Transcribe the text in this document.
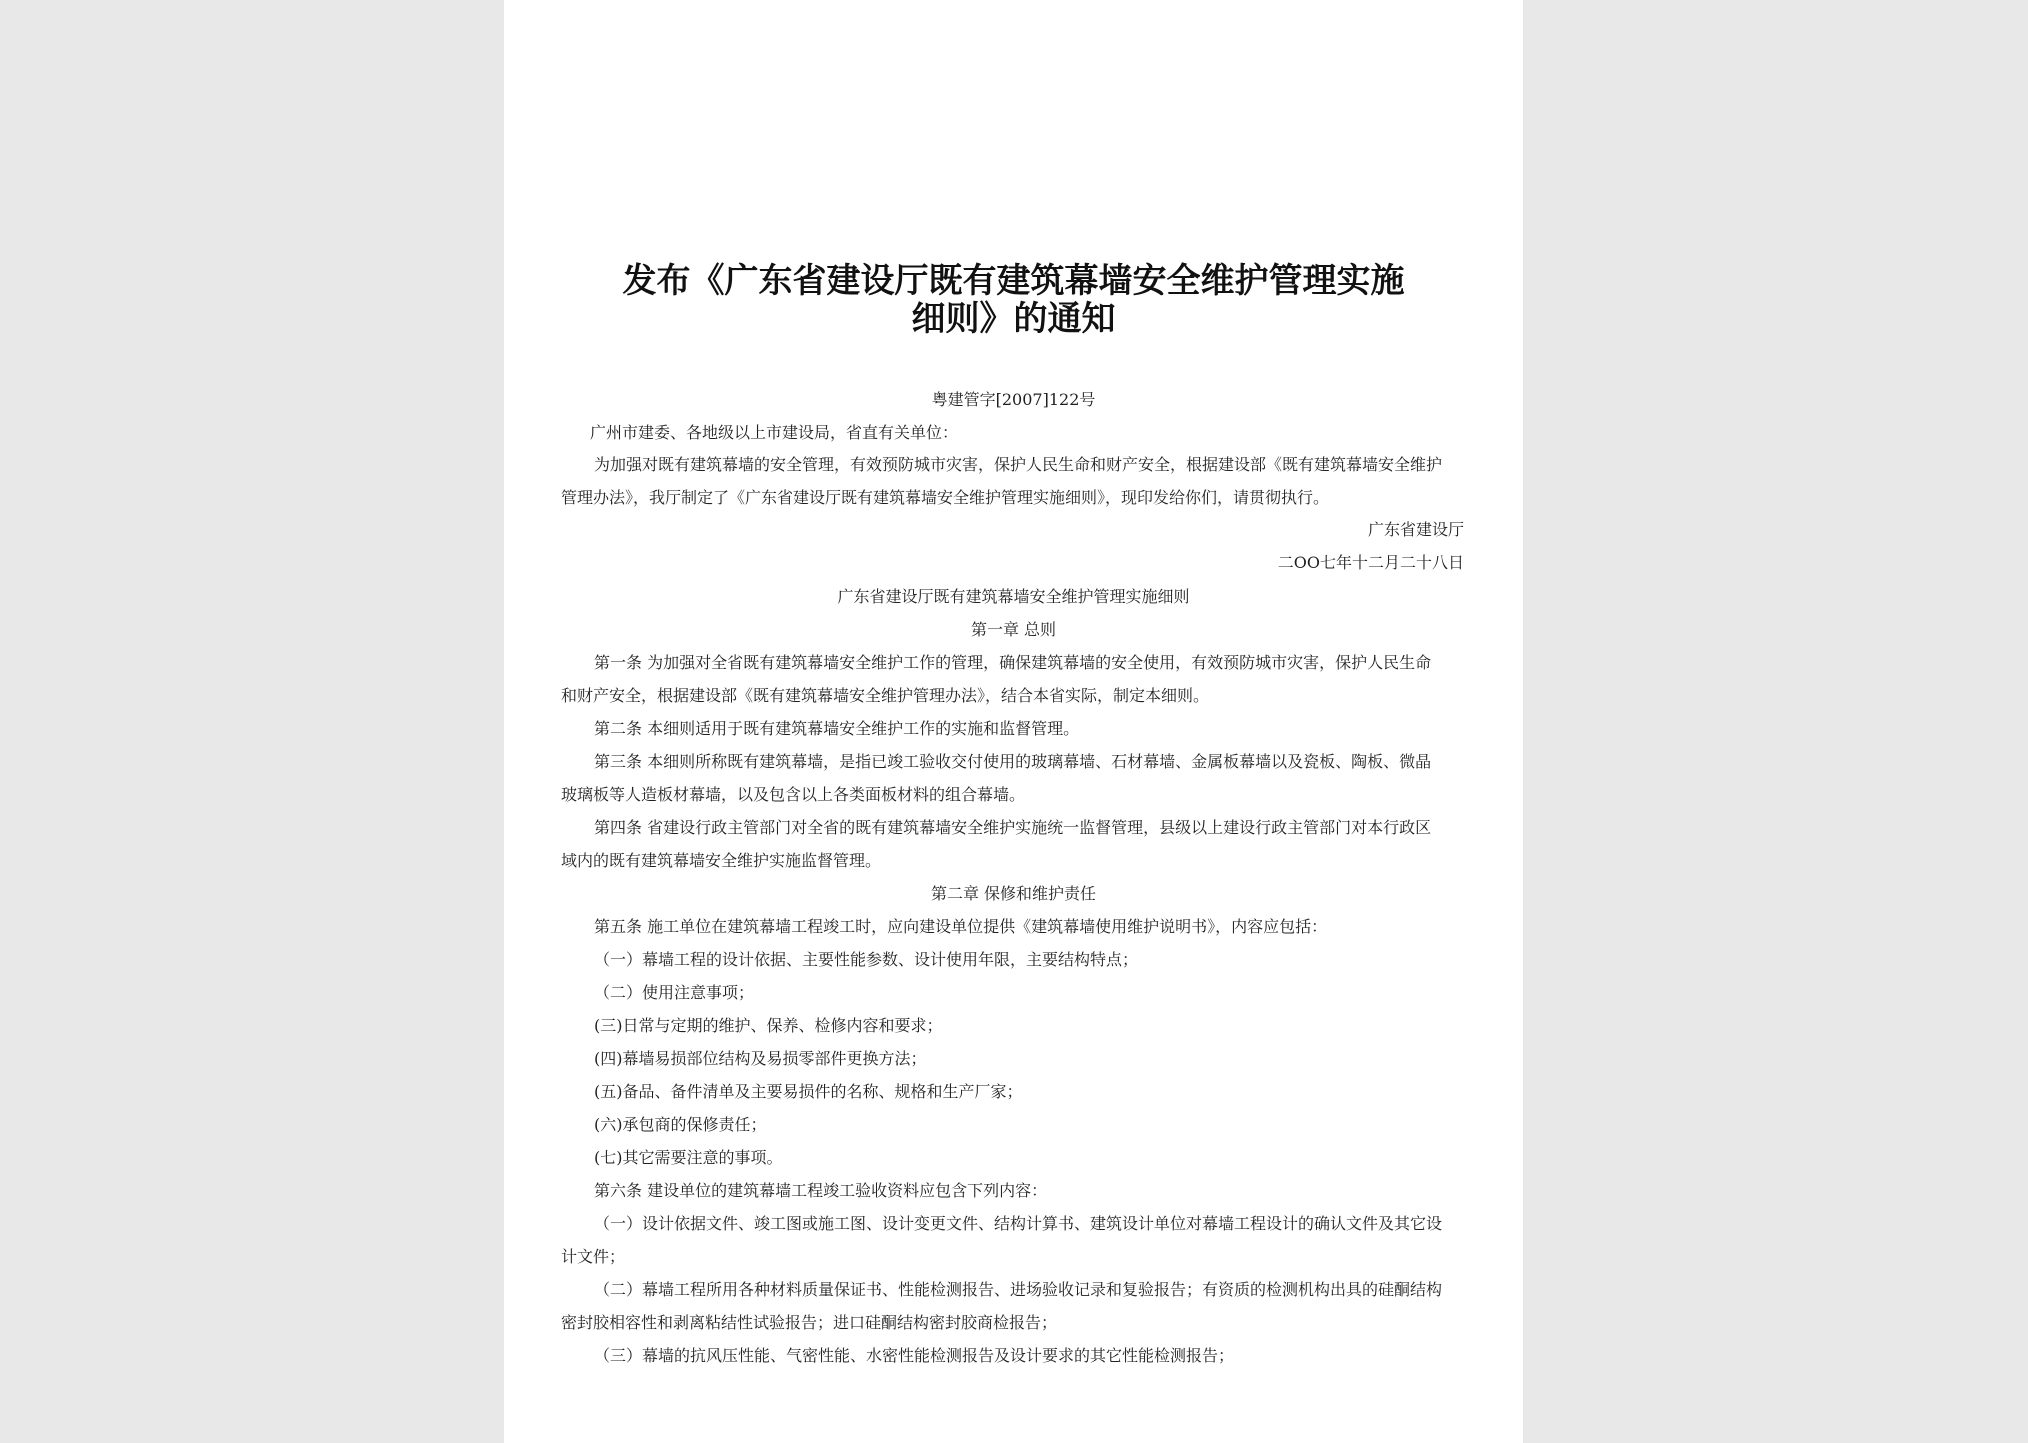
发布《广东省建设厅既有建筑幕墙安全维护管理实施
细则》的通知
粤建管字[2007]122号
广州市建委、各地级以上市建设局，省直有关单位：
为加强对既有建筑幕墙的安全管理，有效预防城市灾害，保护人民生命和财产安全，根据建设部《既有建筑幕墙安全维护
管理办法》，我厅制定了《广东省建设厅既有建筑幕墙安全维护管理实施细则》，现印发给你们，请贯彻执行。
广东省建设厅
二OO七年十二月二十八日
广东省建设厅既有建筑幕墙安全维护管理实施细则
第一章 总则
第一条 为加强对全省既有建筑幕墙安全维护工作的管理，确保建筑幕墙的安全使用，有效预防城市灾害，保护人民生命
和财产安全，根据建设部《既有建筑幕墙安全维护管理办法》，结合本省实际，制定本细则。
第二条 本细则适用于既有建筑幕墙安全维护工作的实施和监督管理。
第三条 本细则所称既有建筑幕墙，是指已竣工验收交付使用的玻璃幕墙、石材幕墙、金属板幕墙以及瓷板、陶板、微晶
玻璃板等人造板材幕墙，以及包含以上各类面板材料的组合幕墙。
第四条 省建设行政主管部门对全省的既有建筑幕墙安全维护实施统一监督管理，县级以上建设行政主管部门对本行政区
域内的既有建筑幕墙安全维护实施监督管理。
第二章 保修和维护责任
第五条 施工单位在建筑幕墙工程竣工时，应向建设单位提供《建筑幕墙使用维护说明书》，内容应包括：
（一）幕墙工程的设计依据、主要性能参数、设计使用年限，主要结构特点；
（二）使用注意事项；
(三)日常与定期的维护、保养、检修内容和要求；
(四)幕墙易损部位结构及易损零部件更换方法；
(五)备品、备件清单及主要易损件的名称、规格和生产厂家；
(六)承包商的保修责任；
(七)其它需要注意的事项。
第六条 建设单位的建筑幕墙工程竣工验收资料应包含下列内容：
（一）设计依据文件、竣工图或施工图、设计变更文件、结构计算书、建筑设计单位对幕墙工程设计的确认文件及其它设
计文件；
（二）幕墙工程所用各种材料质量保证书、性能检测报告、进场验收记录和复验报告；有资质的检测机构出具的硅酮结构
密封胶相容性和剥离粘结性试验报告；进口硅酮结构密封胶商检报告；
（三）幕墙的抗风压性能、气密性能、水密性能检测报告及设计要求的其它性能检测报告；
